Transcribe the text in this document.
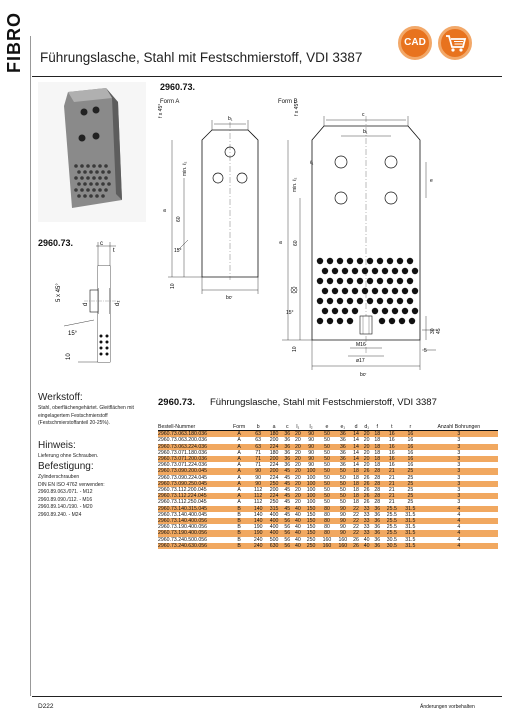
FIBRO Führungslasche, Stahl mit Festschmierstoff, VDI 3387
CAD
2960.73.
Form A	Form B
b₁
f x 45°
min. ℓ₂
a
60
15°
10
bᴄʳ
c
b₁
f x 45°
min. ℓ₂
ℓ₁
e
a 60
15°
10
M16
ø17
bᴄʳ
5
45
30
2960.73.	c
t
5 x 45°
d	d₁
15°
10
Werkstoff:
Stahl, oberflächengehärtet. Gleitflächen mit eingelagertem Festschmierstoff (Festschmierstoffanteil 20-25%).
Hinweis:
Lieferung ohne Schrauben.
Befestigung:
Zylinderschrauben
DIN EN ISO 4762 verwenden:
2960.89.063./071. - M12
2960.89.090./112. - M16
2960.89.140./190. - M20
2960.89.240. - M24
2960.73. Führungslasche, Stahl mit Festschmierstoff, VDI 3387
Bestell-Nummer	Form	b	a	c	l₁	l₂	e	e₁	d	d₁	f	t	r	Anzahl Bohrungen
2960.73.063.180.036	A	63	180	36	20	90	50	36	14	20	18	16	16	3
2960.73.063.200.036	A	63	200	36	20	90	50	36	14	20	18	16	16	3
2960.73.063.224.036	A	63	224	36	20	90	50	36	14	20	18	16	16	3
2960.73.071.180.036	A	71	180	36	20	90	50	36	14	20	18	16	16	3
2960.73.071.200.036	A	71	200	36	20	90	50	36	14	20	18	16	16	3
2960.73.071.224.036	A	71	224	36	20	90	50	36	14	20	18	16	16	3
2960.73.090.200.045	A	90	200	45	20	100	50	50	18	26	28	21	25	3
2960.73.090.224.045	A	90	224	45	20	100	50	50	18	26	28	21	25	3
2960.73.090.250.045	A	90	250	45	20	100	50	50	18	26	28	21	25	3
2960.73.112.200.045	A	112	200	45	20	100	50	50	18	26	28	21	25	3
2960.73.112.224.045	A	112	224	45	20	100	50	50	18	26	28	21	25	3
2960.73.112.250.045	A	112	250	45	20	100	50	50	18	26	28	21	25	3
2960.73.140.315.045	B	140	315	45	40	150	80	90	22	33	36	25.5	31.5	4
2960.73.140.400.045	B	140	400	45	40	150	80	90	22	33	36	25.5	31.5	4
2960.73.140.400.056	B	140	400	56	40	150	80	90	22	33	36	25.5	31.5	4
2960.73.190.400.056	B	190	400	56	40	150	80	90	22	33	36	25.5	31.5	4
2960.73.190.400.056	B	190	400	56	40	150	80	90	22	33	36	25.5	31.5	4
2960.73.240.500.056	B	240	500	56	40	250	160	160	26	40	36	30.5	31.5	4
2960.73.240.630.056	B	240	630	56	40	250	160	160	26	40	36	30.5	31.5	4
D222	Änderungen vorbehalten
